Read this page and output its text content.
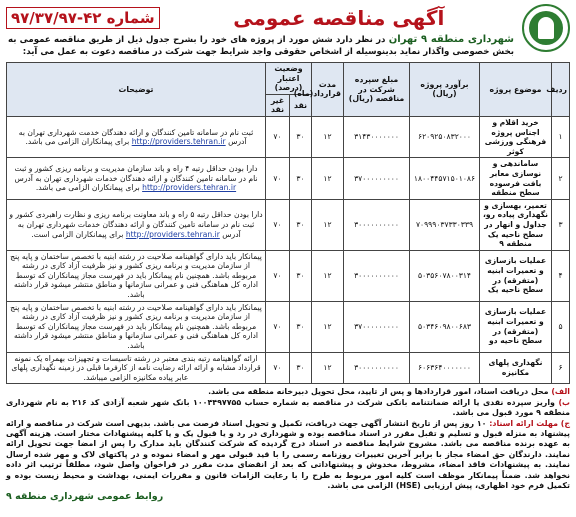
شماره ۴۲-۹۷/۳۷/۹۷	آگهی مناقصه عمومی
شهرداری منطقه ۹ تهران در نظر دارد شش مورد از پروژه های خود را بشرح جدول ذیل از طریق مناقصه عمومی به بخش خصوصی واگذار نماید بدینوسیله از اشخاص حقوقی واجد شرایط جهت شرکت در مناقصه دعوت به عمل می آید:
ردیف	موضوع پروژه	برآورد پروژه (ریال)	مبلغ سپرده شرکت در مناقصه (ریال)	مدت قرارداد(ماه)	وضعیت اعتبار (درصد)		توضیحات
					نقد	غیر نقد	
۱	خرید اقلام و اجناس پروژه فرهنگی ورزشی کوثر	۶۲۰۹۲۵۰۸۳۲۰۰۰	۳۱۴۳۰۰۰۰۰۰۰	۱۲	۳۰	۷۰	ثبت نام در سامانه تامین کنندگان و ارائه دهندگان خدمت شهرداری تهران به آدرس http://providers.tehran.ir برای پیمانکاران الزامی می باشد.
۲	ساماندهی و نوسازی معابر بافت فرسوده سطح منطقه	۱۸۰۰۴۴۵۷۱۵۰۱۰۸۶	۳۷۰۰۰۰۰۰۰۰۰	۱۲	۳۰	۷۰	دارا بودن حداقل رتبه ۴ راه و باند سازمان مدیریت و برنامه ریزی کشور و ثبت نام در سامانه تامین کنندگان و ارائه دهندگان خدمات شهرداری تهران به آدرس http://providers.tehran.ir برای پیمانکاران الزامی می باشد.
۳	تعمیر، بهسازی و نگهداری پیاده رو، جداول و انهار در سطح ناحیه یک منطقه ۹	۷۰۹۹۹۰۳۷۳۳۰۳۳۹	۳۰۰۰۰۰۰۰۰۰۰	۱۲	۳۰	۷۰	دارا بودن حداقل رتبه ۵ راه و باند معاونت برنامه ریزی و نظارت راهبردی کشور و ثبت نام در سامانه تامین کنندگان و ارائه دهندگان خدمات شهرداری تهران به آدرس http://providers.tehran.ir برای پیمانکاران الزامی است.
۴	عملیات بازسازی و تعمیرات ابنیه (متفرقه) در سطح ناحیه یک	۵۰۳۵۶۰۷۸۰۰۳۱۴	۳۰۰۰۰۰۰۰۰۰۰	۱۲	۳۰	۷۰	پیمانکار باید دارای گواهینامه صلاحیت در رشته ابنیه با تخصص ساختمان و پایه پنج از سازمان مدیریت و برنامه ریزی کشور و نیز ظرفیت آزاد کاری در رشته مربوطه باشد. همچنین نام پیمانکار باید در فهرست مجاز پیمانکاران که توسط اداره کل هماهنگی فنی و عمرانی سازمانها و مناطق منتشر میشود قرار داشته باشد.
۵	عملیات بازسازی و تعمیرات ابنیه (متفرقه) در سطح ناحیه دو	۵۰۳۴۶۰۹۸۰۰۶۸۳	۳۷۰۰۰۰۰۰۰۰۰	۱۲	۳۰	۷۰	پیمانکار باید دارای گواهینامه صلاحیت در رشته ابنیه با تخصص ساختمان و پایه پنج از سازمان مدیریت و برنامه ریزی کشور و نیز ظرفیت آزاد کاری در رشته مربوطه باشد. همچنین نام پیمانکار باید در فهرست مجاز پیمانکاران که توسط اداره کل هماهنگی فنی و عمرانی سازمانها و مناطق منتشر میشود قرار داشته باشد.
۶	نگهداری پلهای مکانیزه	۶۰۶۳۶۴۰۰۰۰۰۰۰	۳۰۰۰۰۰۰۰۰۰۰	۱۲	۳۰	۷۰	ارائه گواهینامه رتبه بندی معتبر در رشته تاسیسات و تجهیزات بهمراه یک نمونه قرارداد مشابه و ارائه ارائه رضایت نامه از کارفرما قبلی در زمینه نگهداری پلهای عابر پیاده مکانیزه الزامی میباشد.
الف) محل دریافت اسناد، امور قراردادها و پس از تایید، محل تحویل دبیرخانه منطقه می باشد.
ب) واریز سپرده نقدی یا ارائه ضمانتنامه بانکی شرکت در مناقصه به شماره حساب ۱۰۰۴۴۹۷۷۵۵ بانک شهر شعبه آزادی کد ۲۱۶ به نام شهرداری منطقه ۹ مورد قبول می باشد.
ج) مهلت ارائه اسناد: ۱۰ روز پس از تاریخ انتشار آگهی جهت دریافت، تکمیل و تحویل اسناد فرصت می باشد. بدیهی است شرکت در مناقصه و ارائه پیشنهاد به منزله قبول و تسلیم و تقبل مقرر در اسناد مناقصه بوده و شهرداری در رد و یا قبول یک و یا کلیه پیشنهادات مختار است. هزینه آگهی به عهده برنده مناقصه می باشد. مشروح شرایط مناقصه در اسناد درج گردیده که شرکت کنندگان باید مدارک را پس از امضا جهت تحویل ارائه نمایند. دارندگان حق امضاء مجاز با برابر آخرین تغییرات روزنامه رسمی را با قید قبولی مهر و امضاء نموده و در پاکتهای لاک و مهر شده ارسال نمایند. به پیشنهادات فاقد امضاء، مشروط، مخدوش و پیشنهاداتی که بعد از انقضای مدت مقرر در فراخوان واصل شود، مطلقاً ترتیب اثر داده نخواهد شد. ضمناً پیمانکار موظف است کلیه امور مربوط به طرح را با رعایت الزامات قانون و مقررات ایمنی، بهداشت و محیط زیست بوده و تکمیل فرم خود اظهاری، پیش ارزیابی (HSE) الزامی می باشد.
روابط عمومی شهرداری منطقه ۹
